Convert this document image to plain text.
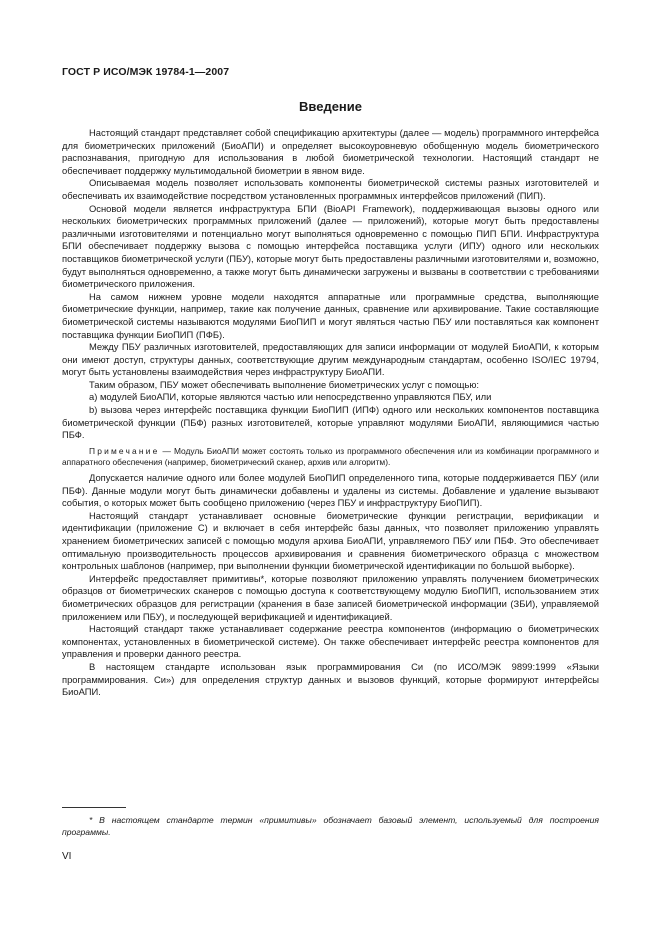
ГОСТ Р ИСО/МЭК 19784-1—2007
Введение

Настоящий стандарт представляет собой спецификацию архитектуры (далее — модель) программного интерфейса для биометрических приложений (БиоАПИ) и определяет высокоуровневую обобщенную модель биометрического распознавания, пригодную для использования в любой биометрической технологии. Настоящий стандарт не обеспечивает поддержку мультимодальной биометрии в явном виде.

Описываемая модель позволяет использовать компоненты биометрической системы разных изготовителей и обеспечивать их взаимодействие посредством установленных программных интерфейсов приложений (ПИП).

Основой модели является инфраструктура БПИ (BioAPI Framework), поддерживающая вызовы одного или нескольких биометрических программных приложений (далее — приложений), которые могут быть предоставлены различными изготовителями и потенциально могут выполняться одновременно с помощью ПИП БПИ. Инфраструктура БПИ обеспечивает поддержку вызова с помощью интерфейса поставщика услуги (ИПУ) одного или нескольких поставщиков биометрической услуги (ПБУ), которые могут быть предоставлены различными изготовителями и, возможно, будут выполняться одновременно, а также могут быть динамически загружены и вызваны в соответствии с требованиями биометрического приложения.

На самом нижнем уровне модели находятся аппаратные или программные средства, выполняющие биометрические функции, например, такие как получение данных, сравнение или архивирование. Такие составляющие биометрической системы называются модулями БиоПИП и могут являться частью ПБУ или поставляться как компонент поставщика функции БиоПИП (ПФБ).

Между ПБУ различных изготовителей, предоставляющих для записи информации от модулей БиоАПИ, к которым они имеют доступ, структуры данных, соответствующие другим международным стандартам, особенно ISO/IEC 19794, могут быть установлены взаимодействия через инфраструктуру БиоАПИ.

Таким образом, ПБУ может обеспечивать выполнение биометрических услуг с помощью:

a) модулей БиоАПИ, которые являются частью или непосредственно управляются ПБУ, или

b) вызова через интерфейс поставщика функции БиоПИП (ИПФ) одного или нескольких компонентов поставщика биометрической функции (ПБФ) разных изготовителей, которые управляют модулями БиоАПИ, являющимися частью ПБФ.

Примечание — Модуль БиоАПИ может состоять только из программного обеспечения или из комбинации программного и аппаратного обеспечения (например, биометрический сканер, архив или алгоритм).

Допускается наличие одного или более модулей БиоПИП определенного типа, которые поддерживается ПБУ (или ПБФ). Данные модули могут быть динамически добавлены и удалены из системы. Добавление и удаление вызывают события, о которых может быть сообщено приложению (через ПБУ и инфраструктуру БиоПИП).

Настоящий стандарт устанавливает основные биометрические функции регистрации, верификации и идентификации (приложение С) и включает в себя интерфейс базы данных, что позволяет приложению управлять хранением биометрических записей с помощью модуля архива БиоАПИ, управляемого ПБУ или ПБФ. Это обеспечивает оптимальную производительность процессов архивирования и сравнения биометрического образца с множеством контрольных шаблонов (например, при выполнении функции биометрической идентификации по большой выборке).

Интерфейс предоставляет примитивы*, которые позволяют приложению управлять получением биометрических образцов от биометрических сканеров с помощью доступа к соответствующему модулю БиоПИП, использованием этих биометрических образцов для регистрации (хранения в базе записей биометрической информации (ЗБИ), управляемой приложением или ПБУ), и последующей верификацией и идентификацией.

Настоящий стандарт также устанавливает содержание реестра компонентов (информацию о биометрических компонентах, установленных в биометрической системе). Он также обеспечивает интерфейс реестра компонентов для управления и проверки данного реестра.

В настоящем стандарте использован язык программирования Си (по ИСО/МЭК 9899:1999 «Языки программирования. Си») для определения структур данных и вызовов функций, которые формируют интерфейсы БиоАПИ.

* В настоящем стандарте термин «примитивы» обозначает базовый элемент, используемый для построения программы.
VI
